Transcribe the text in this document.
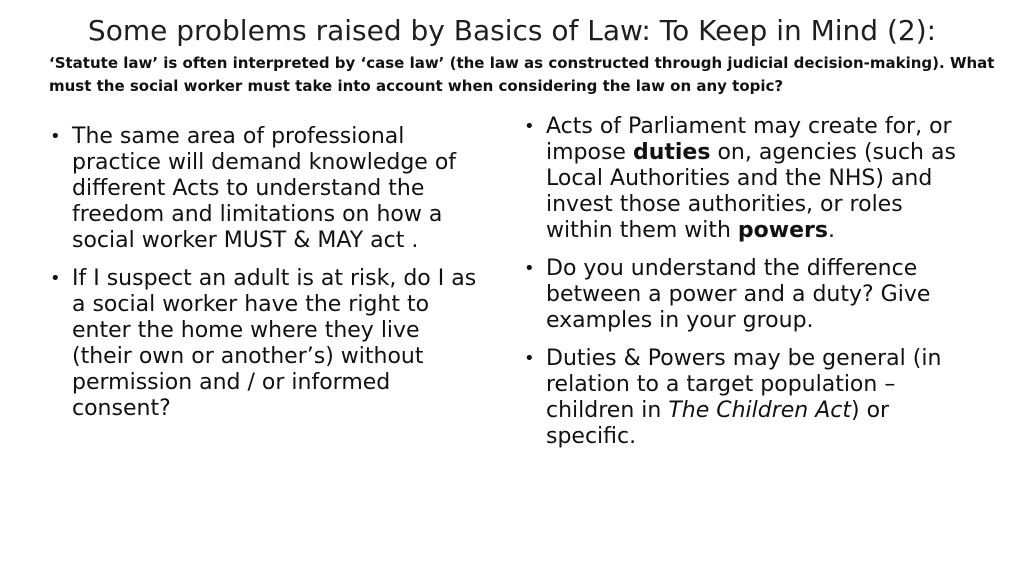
Some problems raised by Basics of Law: To Keep in Mind (2):
‘Statute law’ is often interpreted by ‘case law’ (the law as constructed through judicial decision-making). What must the social worker must take into account when considering the law on any topic?
• The same area of professional practice will demand knowledge of different Acts to understand the freedom and limitations on how a social worker MUST & MAY act .
• If I suspect an adult is at risk, do I as a social worker have the right to enter the home where they live (their own or another’s) without permission and / or informed consent?
• Acts of Parliament may create for, or impose duties on, agencies (such as Local Authorities and the NHS) and invest those authorities, or roles within them with powers.
• Do you understand the difference between a power and a duty? Give examples in your group.
• Duties & Powers may be general (in relation to a target population – children in The Children Act) or specific.
